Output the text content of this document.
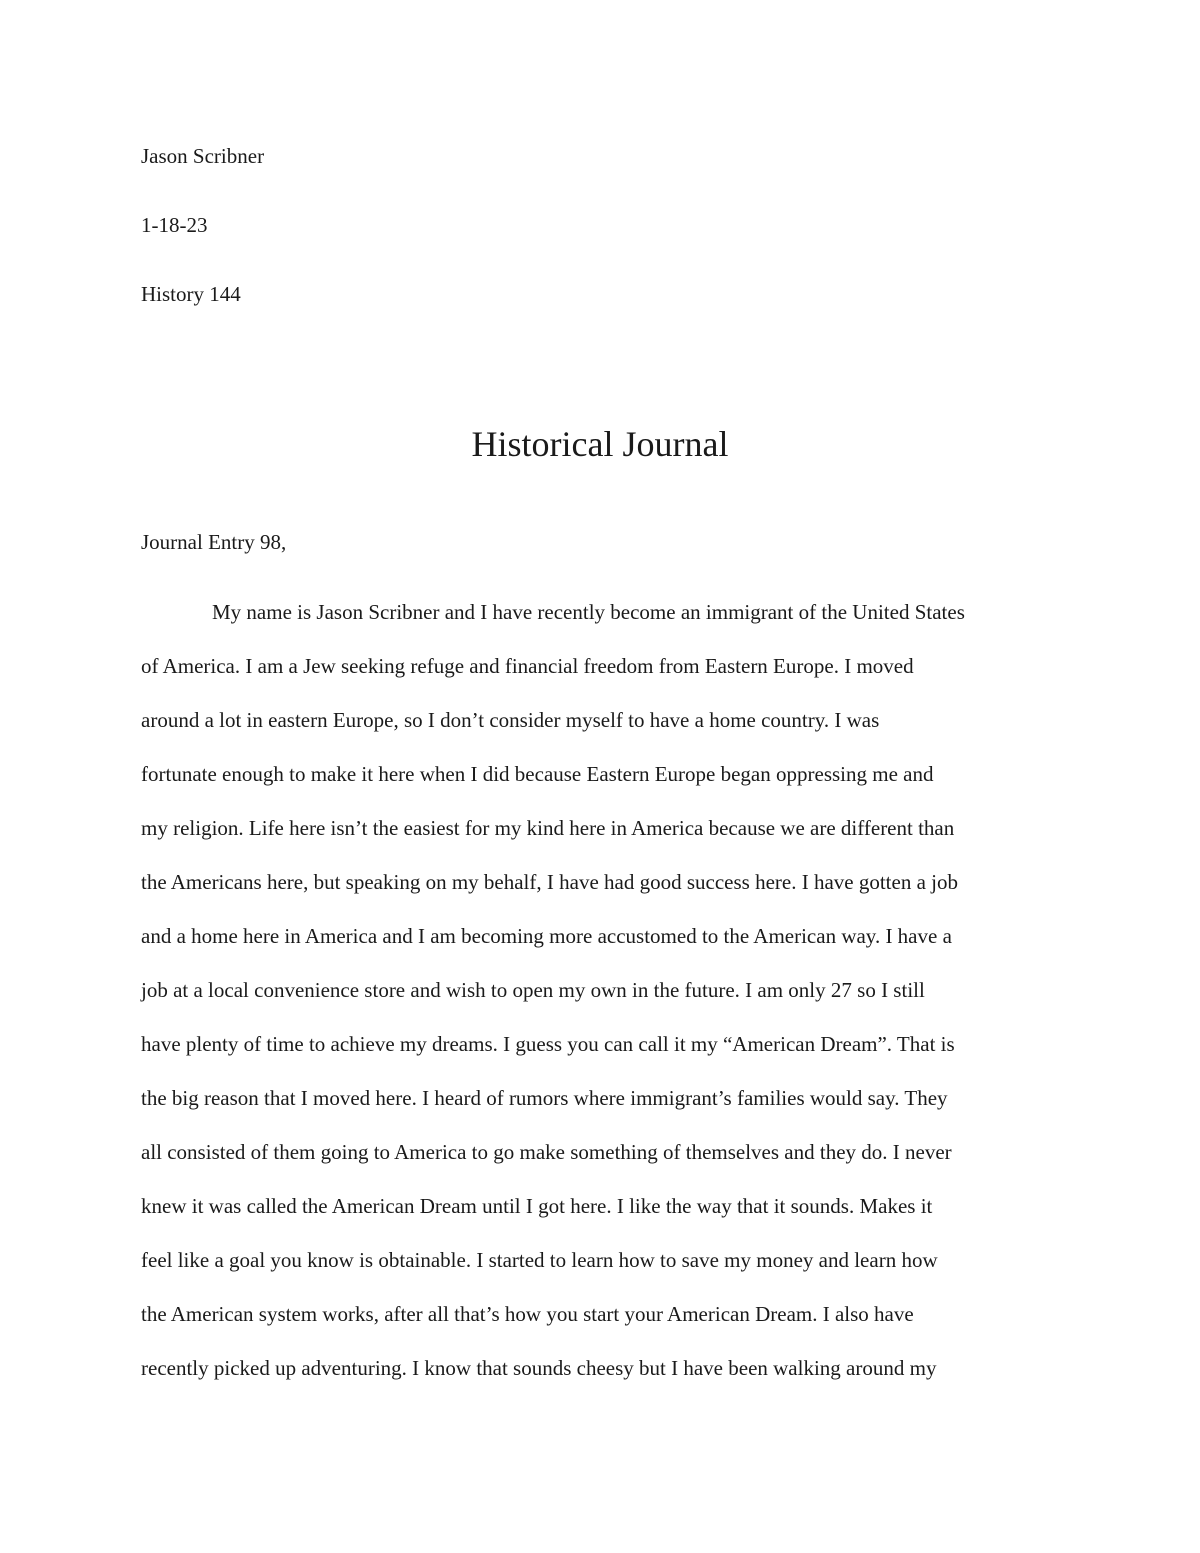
Jason Scribner
1-18-23
History 144
Historical Journal
Journal Entry 98,
My name is Jason Scribner and I have recently become an immigrant of the United States
of America. I am a Jew seeking refuge and financial freedom from Eastern Europe. I moved
around a lot in eastern Europe, so I don’t consider myself to have a home country. I was
fortunate enough to make it here when I did because Eastern Europe began oppressing me and
my religion. Life here isn’t the easiest for my kind here in America because we are different than
the Americans here, but speaking on my behalf, I have had good success here. I have gotten a job
and a home here in America and I am becoming more accustomed to the American way. I have a
job at a local convenience store and wish to open my own in the future. I am only 27 so I still
have plenty of time to achieve my dreams. I guess you can call it my “American Dream”. That is
the big reason that I moved here. I heard of rumors where immigrant’s families would say. They
all consisted of them going to America to go make something of themselves and they do. I never
knew it was called the American Dream until I got here. I like the way that it sounds. Makes it
feel like a goal you know is obtainable. I started to learn how to save my money and learn how
the American system works, after all that’s how you start your American Dream. I also have
recently picked up adventuring. I know that sounds cheesy but I have been walking around my
